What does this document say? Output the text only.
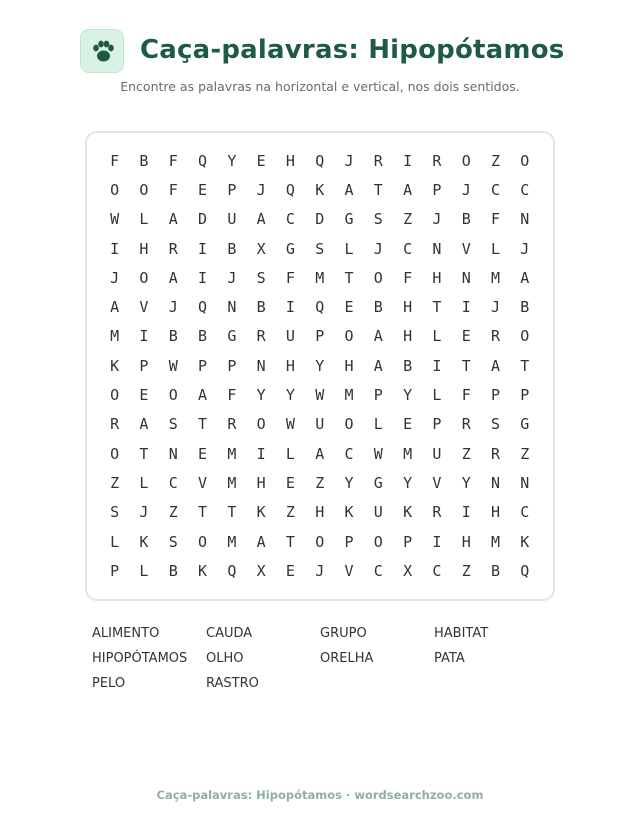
Caça-palavras: Hipopótamos
Encontre as palavras na horizontal e vertical, nos dois sentidos.
F	B	F	Q	Y	E	H	Q	J	R	I	R	O	Z	O
O	O	F	E	P	J	Q	K	A	T	A	P	J	C	C
W	L	A	D	U	A	C	D	G	S	Z	J	B	F	N
I	H	R	I	B	X	G	S	L	J	C	N	V	L	J
J	O	A	I	J	S	F	M	T	O	F	H	N	M	A
A	V	J	Q	N	B	I	Q	E	B	H	T	I	J	B
M	I	B	B	G	R	U	P	O	A	H	L	E	R	O
K	P	W	P	P	N	H	Y	H	A	B	I	T	A	T
O	E	O	A	F	Y	Y	W	M	P	Y	L	F	P	P
R	A	S	T	R	O	W	U	O	L	E	P	R	S	G
O	T	N	E	M	I	L	A	C	W	M	U	Z	R	Z
Z	L	C	V	M	H	E	Z	Y	G	Y	V	Y	N	N
S	J	Z	T	T	K	Z	H	K	U	K	R	I	H	C
L	K	S	O	M	A	T	O	P	O	P	I	H	M	K
P	L	B	K	Q	X	E	J	V	C	X	C	Z	B	Q
ALIMENTO	CAUDA	GRUPO	HABITAT
HIPOPÓTAMOS	OLHO	ORELHA	PATA
PELO	RASTRO
Caça-palavras: Hipopótamos · wordsearchzoo.com
